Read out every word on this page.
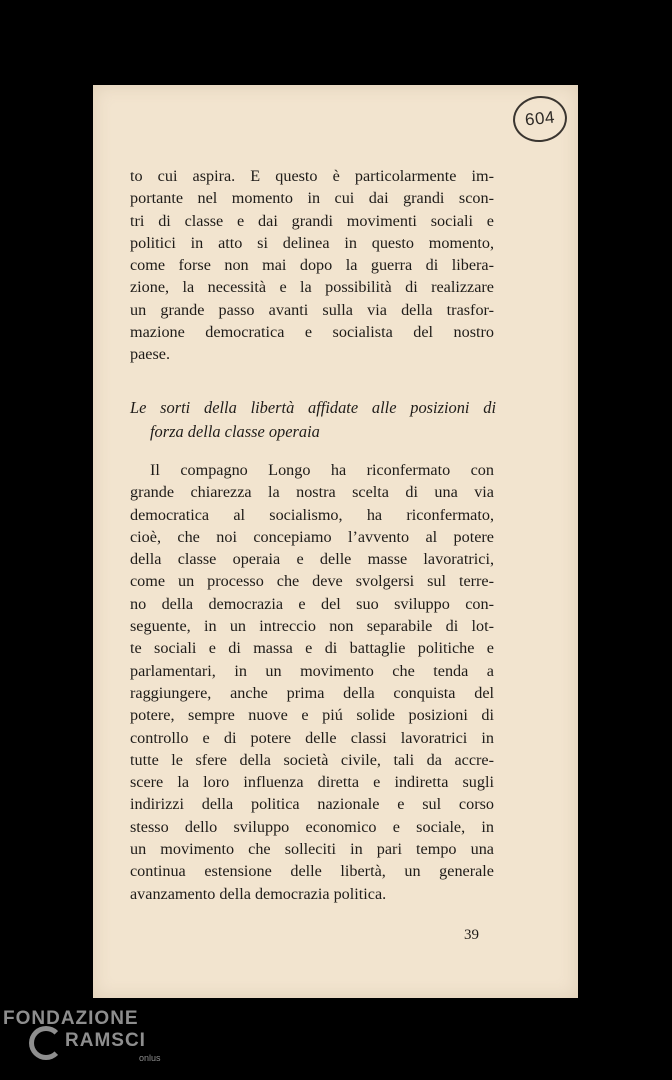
604

to cui aspira. E questo è particolarmente im-
portante nel momento in cui dai grandi scon-
tri di classe e dai grandi movimenti sociali e
politici in atto si delinea in questo momento,
come forse non mai dopo la guerra di libera-
zione, la necessità e la possibilità di realizzare
un grande passo avanti sulla via della trasfor-
mazione democratica e socialista del nostro
paese.

Le sorti della libertà affidate alle posizioni di
forza della classe operaia

Il compagno Longo ha riconfermato con
grande chiarezza la nostra scelta di una via
democratica al socialismo, ha riconfermato,
cioè, che noi concepiamo l’avvento al potere
della classe operaia e delle masse lavoratrici,
come un processo che deve svolgersi sul terre-
no della democrazia e del suo sviluppo con-
seguente, in un intreccio non separabile di lot-
te sociali e di massa e di battaglie politiche e
parlamentari, in un movimento che tenda a
raggiungere, anche prima della conquista del
potere, sempre nuove e piú solide posizioni di
controllo e di potere delle classi lavoratrici in
tutte le sfere della società civile, tali da accre-
scere la loro influenza diretta e indiretta sugli
indirizzi della politica nazionale e sul corso
stesso dello sviluppo economico e sociale, in
un movimento che solleciti in pari tempo una
continua estensione delle libertà, un generale
avanzamento della democrazia politica.

39
FONDAZIONE
RAMSCI
onlus
